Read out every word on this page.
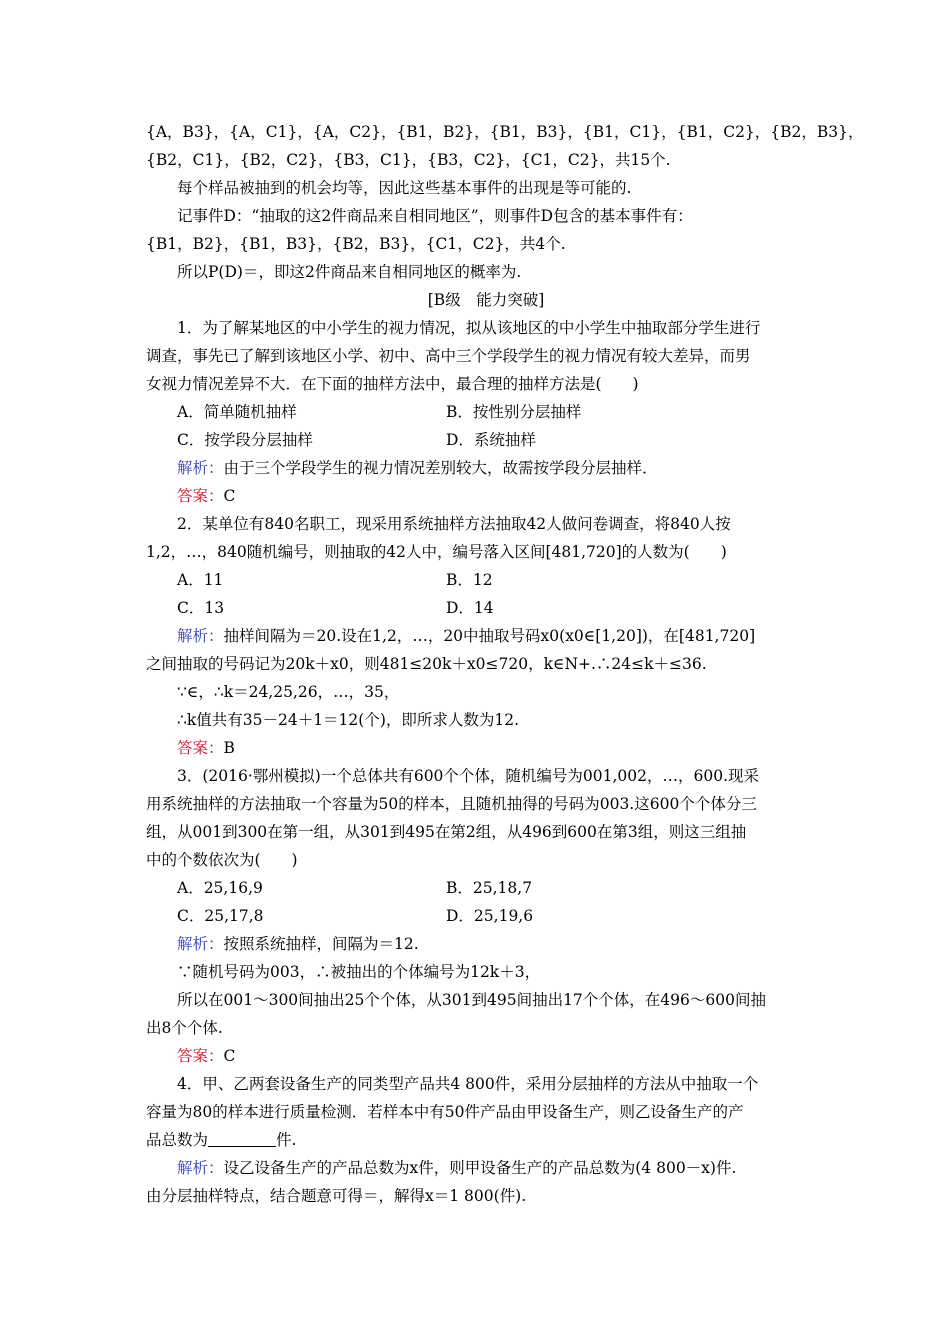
{A，B3}，{A，C1}，{A，C2}，{B1，B2}，{B1，B3}，{B1，C1}，{B1，C2}，{B2，B3}，
{B2，C1}，{B2，C2}，{B3，C1}，{B3，C2}，{C1，C2}，共15个.
每个样品被抽到的机会均等，因此这些基本事件的出现是等可能的.
记事件D：“抽取的这2件商品来自相同地区”，则事件D包含的基本事件有：
{B1，B2}，{B1，B3}，{B2，B3}，{C1，C2}，共4个.
所以P(D)＝，即这2件商品来自相同地区的概率为.
[B级　能力突破]
1．为了解某地区的中小学生的视力情况，拟从该地区的中小学生中抽取部分学生进行
调查，事先已了解到该地区小学、初中、高中三个学段学生的视力情况有较大差异，而男
女视力情况差异不大．在下面的抽样方法中，最合理的抽样方法是(　　)
A．简单随机抽样	B．按性别分层抽样
C．按学段分层抽样	D．系统抽样
解析：由于三个学段学生的视力情况差别较大，故需按学段分层抽样．
答案：C
2．某单位有840名职工，现采用系统抽样方法抽取42人做问卷调查，将840人按
1,2，…，840随机编号，则抽取的42人中，编号落入区间[481,720]的人数为(　　)
A．11	B．12
C．13	D．14
解析：抽样间隔为＝20.设在1,2，…，20中抽取号码x0(x0∈[1,20])，在[481,720]
之间抽取的号码记为20k＋x0，则481≤20k＋x0≤720，k∈N+.∴24≤k＋≤36.
∵∈，∴k＝24,25,26，…，35，
∴k值共有35－24＋1＝12(个)，即所求人数为12.
答案：B
3．(2016·鄂州模拟)一个总体共有600个个体，随机编号为001,002，…，600.现采
用系统抽样的方法抽取一个容量为50的样本，且随机抽得的号码为003.这600个个体分三
组，从001到300在第一组，从301到495在第2组，从496到600在第3组，则这三组抽
中的个数依次为(　　)
A．25,16,9	B．25,18,7
C．25,17,8	D．25,19,6
解析：按照系统抽样，间隔为＝12.
∵随机号码为003，∴被抽出的个体编号为12k＋3，
所以在001～300间抽出25个个体，从301到495间抽出17个个体，在496～600间抽
出8个个体.
答案：C
4．甲、乙两套设备生产的同类型产品共4 800件，采用分层抽样的方法从中抽取一个
容量为80的样本进行质量检测．若样本中有50件产品由甲设备生产，则乙设备生产的产
品总数为	件.
解析：设乙设备生产的产品总数为x件，则甲设备生产的产品总数为(4 800－x)件.
由分层抽样特点，结合题意可得＝，解得x＝1 800(件).
